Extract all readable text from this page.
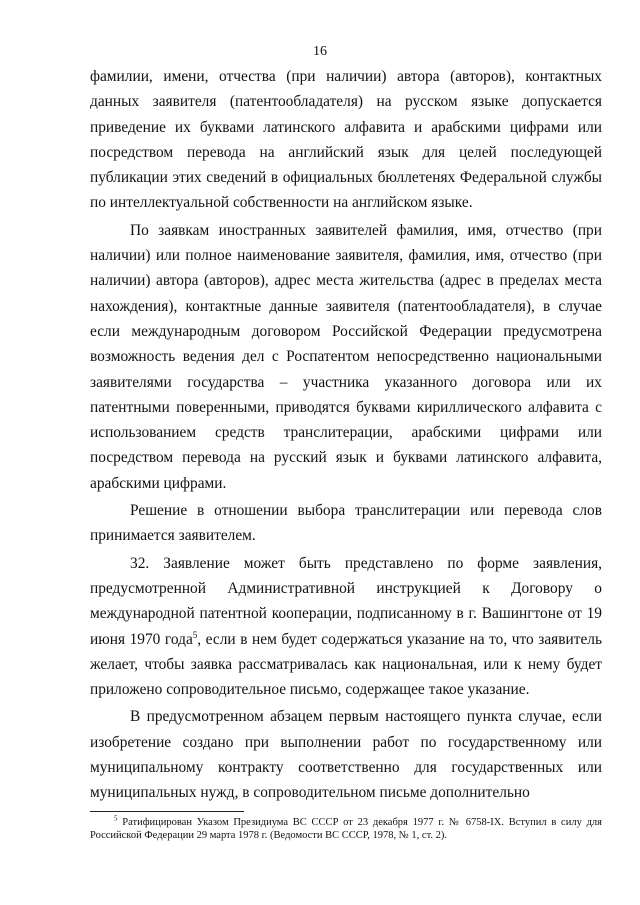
16

фамилии, имени, отчества (при наличии) автора (авторов), контактных данных заявителя (патентообладателя) на русском языке допускается приведение их буквами латинского алфавита и арабскими цифрами или посредством перевода на английский язык для целей последующей публикации этих сведений в официальных бюллетенях Федеральной службы по интеллектуальной собственности на английском языке.

По заявкам иностранных заявителей фамилия, имя, отчество (при наличии) или полное наименование заявителя, фамилия, имя, отчество (при наличии) автора (авторов), адрес места жительства (адрес в пределах места нахождения), контактные данные заявителя (патентообладателя), в случае если международным договором Российской Федерации предусмотрена возможность ведения дел с Роспатентом непосредственно национальными заявителями государства – участника указанного договора или их патентными поверенными, приводятся буквами кириллического алфавита с использованием средств транслитерации, арабскими цифрами или посредством перевода на русский язык и буквами латинского алфавита, арабскими цифрами.

Решение в отношении выбора транслитерации или перевода слов принимается заявителем.

32. Заявление может быть представлено по форме заявления, предусмотренной Административной инструкцией к Договору о международной патентной кооперации, подписанному в г. Вашингтоне от 19 июня 1970 года$^5$, если в нем будет содержаться указание на то, что заявитель желает, чтобы заявка рассматривалась как национальная, или к нему будет приложено сопроводительное письмо, содержащее такое указание.

В предусмотренном абзацем первым настоящего пункта случае, если изобретение создано при выполнении работ по государственному или муниципальному контракту соответственно для государственных или муниципальных нужд, в сопроводительном письме дополнительно

$^5$ Ратифицирован Указом Президиума ВС СССР от 23 декабря 1977 г. № 6758-IX. Вступил в силу для Российской Федерации 29 марта 1978 г. (Ведомости ВС СССР, 1978, № 1, ст. 2).
